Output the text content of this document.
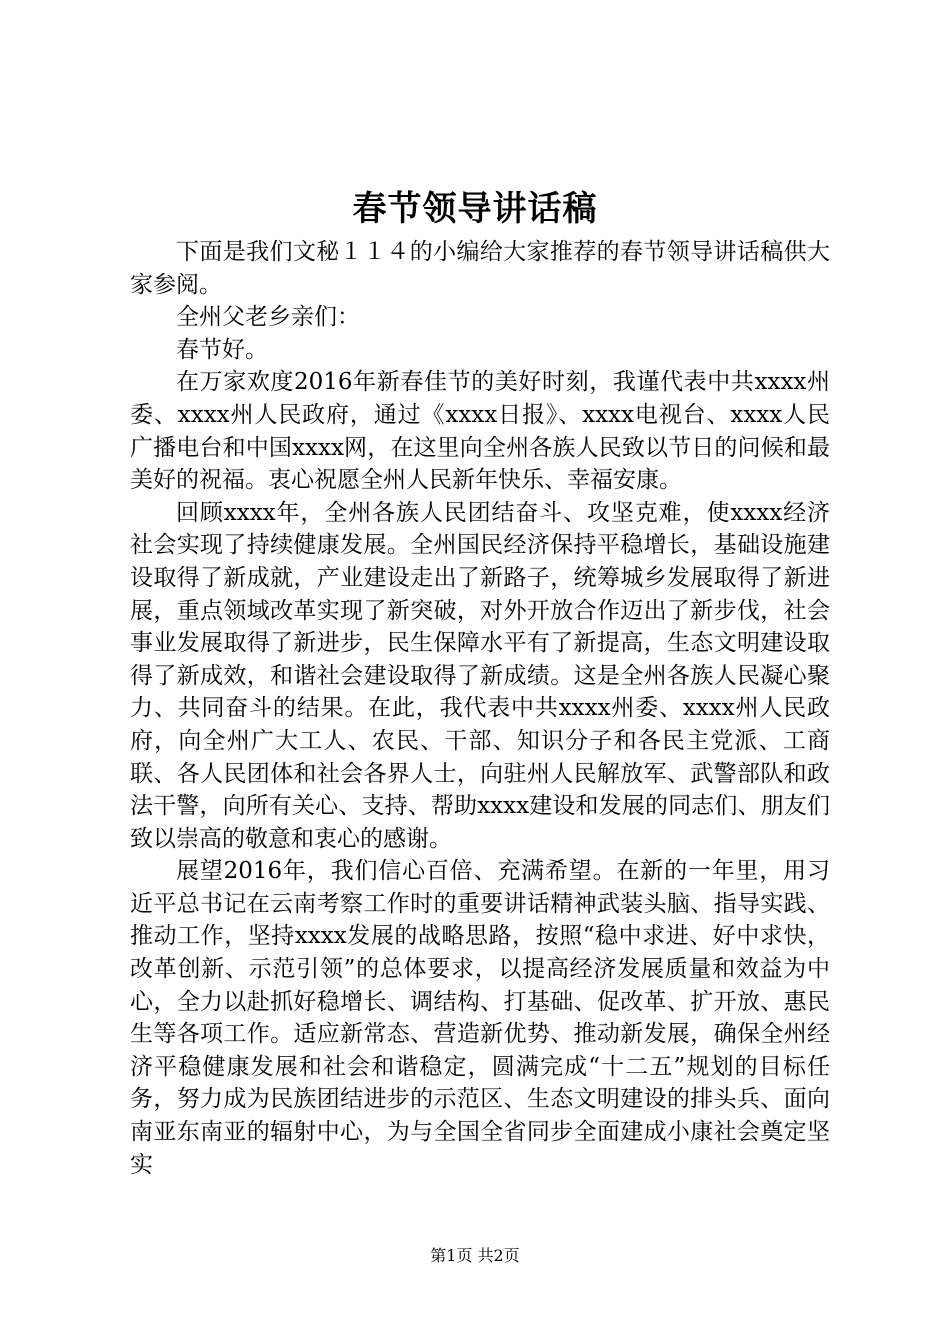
春节领导讲话稿

下面是我们文秘１１４的小编给大家推荐的春节领导讲话稿供大家参阅。

全州父老乡亲们：

春节好。

在万家欢度2016年新春佳节的美好时刻，我谨代表中共xxxx州委、xxxx州人民政府，通过《xxxx日报》、xxxx电视台、xxxx人民广播电台和中国xxxx网，在这里向全州各族人民致以节日的问候和最美好的祝福。衷心祝愿全州人民新年快乐、幸福安康。

回顾xxxx年，全州各族人民团结奋斗、攻坚克难，使xxxx经济社会实现了持续健康发展。全州国民经济保持平稳增长，基础设施建设取得了新成就，产业建设走出了新路子，统筹城乡发展取得了新进展，重点领域改革实现了新突破，对外开放合作迈出了新步伐，社会事业发展取得了新进步，民生保障水平有了新提高，生态文明建设取得了新成效，和谐社会建设取得了新成绩。这是全州各族人民凝心聚力、共同奋斗的结果。在此，我代表中共xxxx州委、xxxx州人民政府，向全州广大工人、农民、干部、知识分子和各民主党派、工商联、各人民团体和社会各界人士，向驻州人民解放军、武警部队和政法干警，向所有关心、支持、帮助xxxx建设和发展的同志们、朋友们致以崇高的敬意和衷心的感谢。

展望2016年，我们信心百倍、充满希望。在新的一年里，用习近平总书记在云南考察工作时的重要讲话精神武装头脑、指导实践、推动工作，坚持xxxx发展的战略思路，按照“稳中求进、好中求快，改革创新、示范引领”的总体要求，以提高经济发展质量和效益为中心，全力以赴抓好稳增长、调结构、打基础、促改革、扩开放、惠民生等各项工作。适应新常态、营造新优势、推动新发展，确保全州经济平稳健康发展和社会和谐稳定，圆满完成“十二五”规划的目标任务，努力成为民族团结进步的示范区、生态文明建设的排头兵、面向南亚东南亚的辐射中心，为与全国全省同步全面建成小康社会奠定坚实

第1页 共2页
